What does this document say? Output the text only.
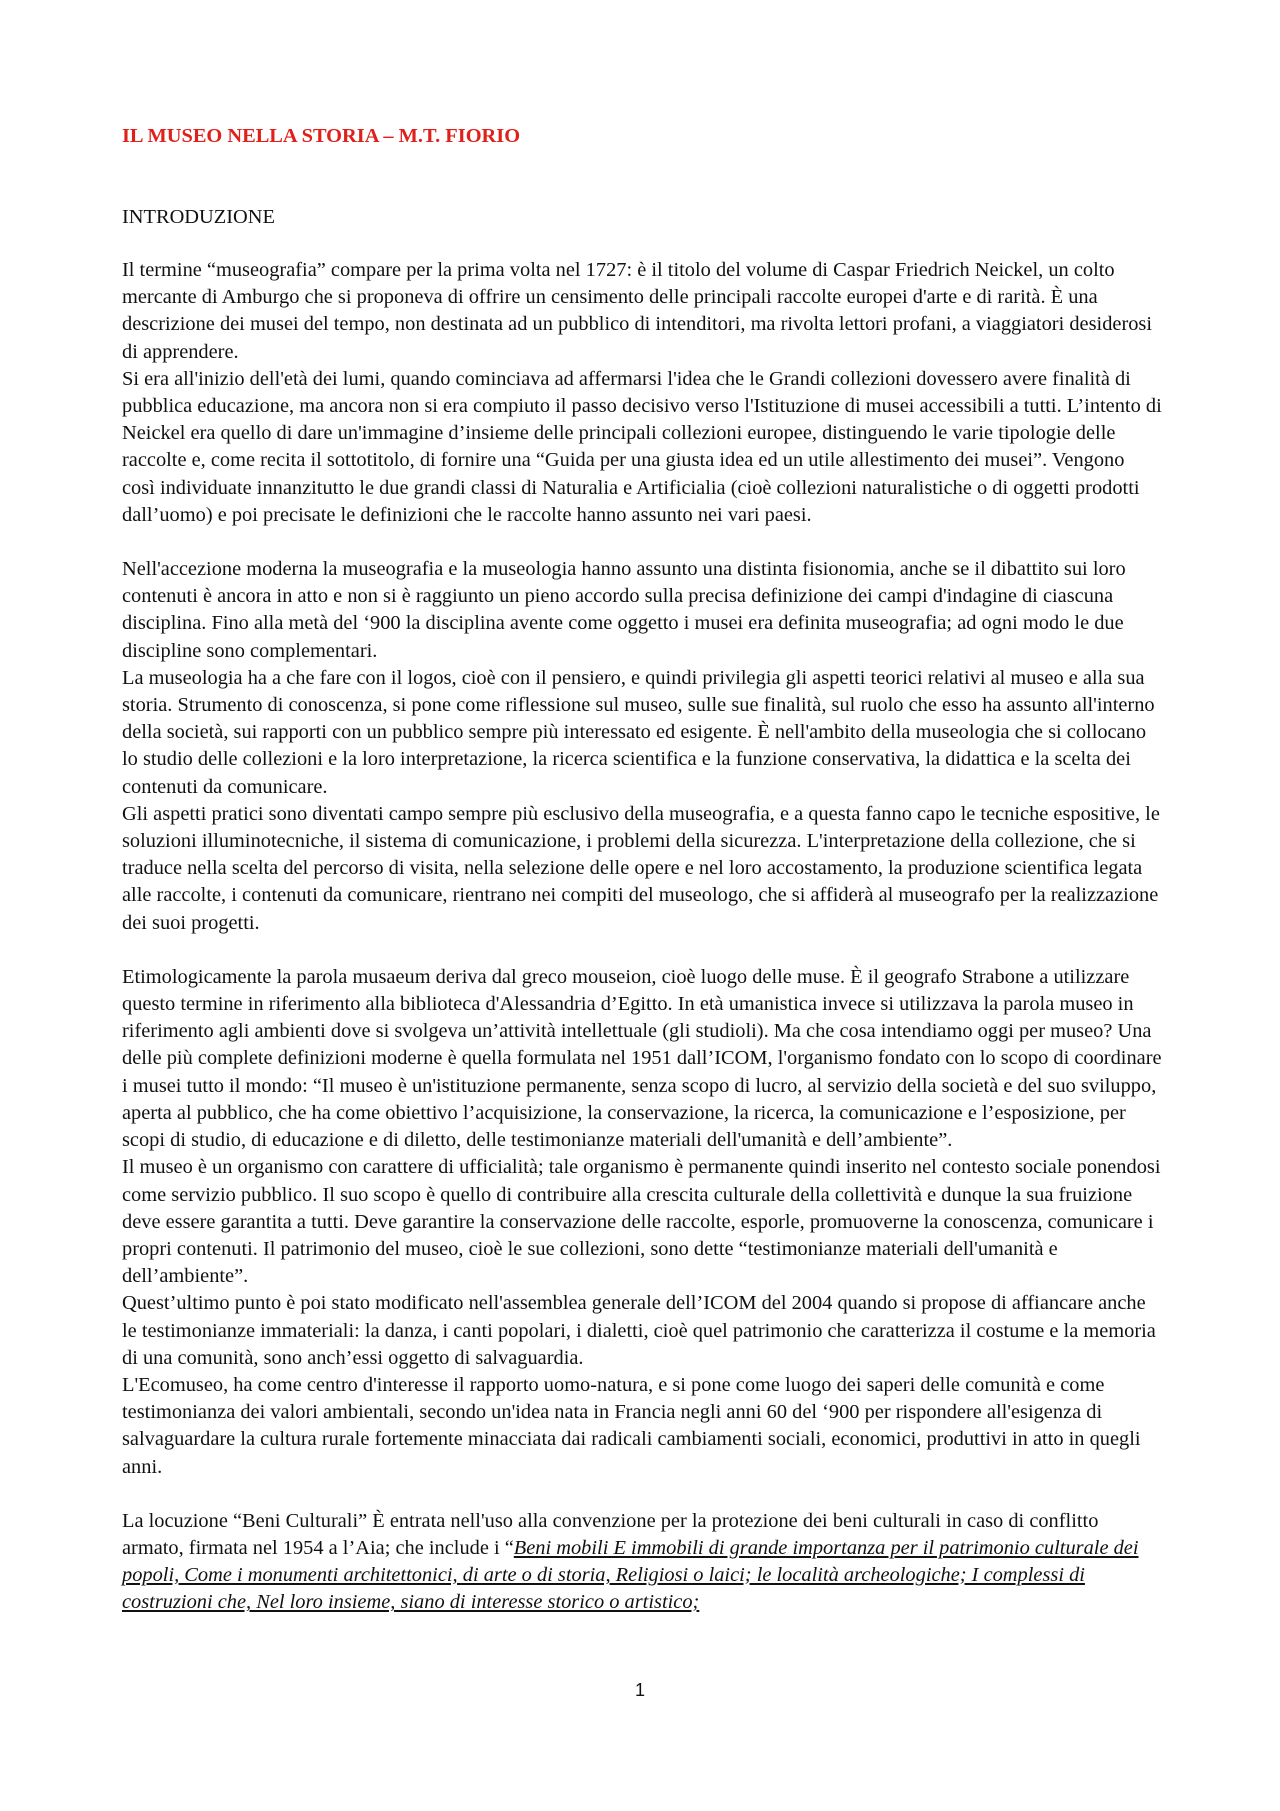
IL MUSEO NELLA STORIA – M.T. FIORIO
INTRODUZIONE

Il termine “museografia” compare per la prima volta nel 1727: è il titolo del volume di Caspar Friedrich Neickel, un colto mercante di Amburgo che si proponeva di offrire un censimento delle principali raccolte europei d'arte e di rarità. È una descrizione dei musei del tempo, non destinata ad un pubblico di intenditori, ma rivolta lettori profani, a viaggiatori desiderosi di apprendere.

Si era all'inizio dell'età dei lumi, quando cominciava ad affermarsi l'idea che le Grandi collezioni dovessero avere finalità di pubblica educazione, ma ancora non si era compiuto il passo decisivo verso l'Istituzione di musei accessibili a tutti. L’intento di Neickel era quello di dare un'immagine d’insieme delle principali collezioni europee, distinguendo le varie tipologie delle raccolte e, come recita il sottotitolo, di fornire una “Guida per una giusta idea ed un utile allestimento dei musei”. Vengono così individuate innanzitutto le due grandi classi di Naturalia e Artificialia (cioè collezioni naturalistiche o di oggetti prodotti dall’uomo) e poi precisate le definizioni che le raccolte hanno assunto nei vari paesi.

Nell'accezione moderna la museografia e la museologia hanno assunto una distinta fisionomia, anche se il dibattito sui loro contenuti è ancora in atto e non si è raggiunto un pieno accordo sulla precisa definizione dei campi d'indagine di ciascuna disciplina. Fino alla metà del ‘900 la disciplina avente come oggetto i musei era definita museografia; ad ogni modo le due discipline sono complementari.

La museologia ha a che fare con il logos, cioè con il pensiero, e quindi privilegia gli aspetti teorici relativi al museo e alla sua storia. Strumento di conoscenza, si pone come riflessione sul museo, sulle sue finalità, sul ruolo che esso ha assunto all'interno della società, sui rapporti con un pubblico sempre più interessato ed esigente. È nell'ambito della museologia che si collocano lo studio delle collezioni e la loro interpretazione, la ricerca scientifica e la funzione conservativa, la didattica e la scelta dei contenuti da comunicare.

Gli aspetti pratici sono diventati campo sempre più esclusivo della museografia, e a questa fanno capo le tecniche espositive, le soluzioni illuminotecniche, il sistema di comunicazione, i problemi della sicurezza. L'interpretazione della collezione, che si traduce nella scelta del percorso di visita, nella selezione delle opere e nel loro accostamento, la produzione scientifica legata alle raccolte, i contenuti da comunicare, rientrano nei compiti del museologo, che si affiderà al museografo per la realizzazione dei suoi progetti.

Etimologicamente la parola musaeum deriva dal greco mouseion, cioè luogo delle muse. È il geografo Strabone a utilizzare questo termine in riferimento alla biblioteca d'Alessandria d’Egitto. In età umanistica invece si utilizzava la parola museo in riferimento agli ambienti dove si svolgeva un’attività intellettuale (gli studioli). Ma che cosa intendiamo oggi per museo? Una delle più complete definizioni moderne è quella formulata nel 1951 dall’ICOM, l'organismo fondato con lo scopo di coordinare i musei tutto il mondo: “Il museo è un'istituzione permanente, senza scopo di lucro, al servizio della società e del suo sviluppo, aperta al pubblico, che ha come obiettivo l’acquisizione, la conservazione, la ricerca, la comunicazione e l’esposizione, per scopi di studio, di educazione e di diletto, delle testimonianze materiali dell'umanità e dell’ambiente”.

Il museo è un organismo con carattere di ufficialità; tale organismo è permanente quindi inserito nel contesto sociale ponendosi come servizio pubblico. Il suo scopo è quello di contribuire alla crescita culturale della collettività e dunque la sua fruizione deve essere garantita a tutti. Deve garantire la conservazione delle raccolte, esporle, promuoverne la conoscenza, comunicare i propri contenuti. Il patrimonio del museo, cioè le sue collezioni, sono dette “testimonianze materiali dell'umanità e dell’ambiente”.

Quest’ultimo punto è poi stato modificato nell'assemblea generale dell’ICOM del 2004 quando si propose di affiancare anche le testimonianze immateriali: la danza, i canti popolari, i dialetti, cioè quel patrimonio che caratterizza il costume e la memoria di una comunità, sono anch’essi oggetto di salvaguardia.

L'Ecomuseo, ha come centro d'interesse il rapporto uomo-natura, e si pone come luogo dei saperi delle comunità e come testimonianza dei valori ambientali, secondo un'idea nata in Francia negli anni 60 del ‘900 per rispondere all'esigenza di salvaguardare la cultura rurale fortemente minacciata dai radicali cambiamenti sociali, economici, produttivi in atto in quegli anni.

La locuzione “Beni Culturali” È entrata nell'uso alla convenzione per la protezione dei beni culturali in caso di conflitto armato, firmata nel 1954 a l’Aia; che include i “Beni mobili E immobili di grande importanza per il patrimonio culturale dei popoli, Come i monumenti architettonici, di arte o di storia, Religiosi o laici; le località archeologiche; I complessi di costruzioni che, Nel loro insieme, siano di interesse storico o artistico;

1
